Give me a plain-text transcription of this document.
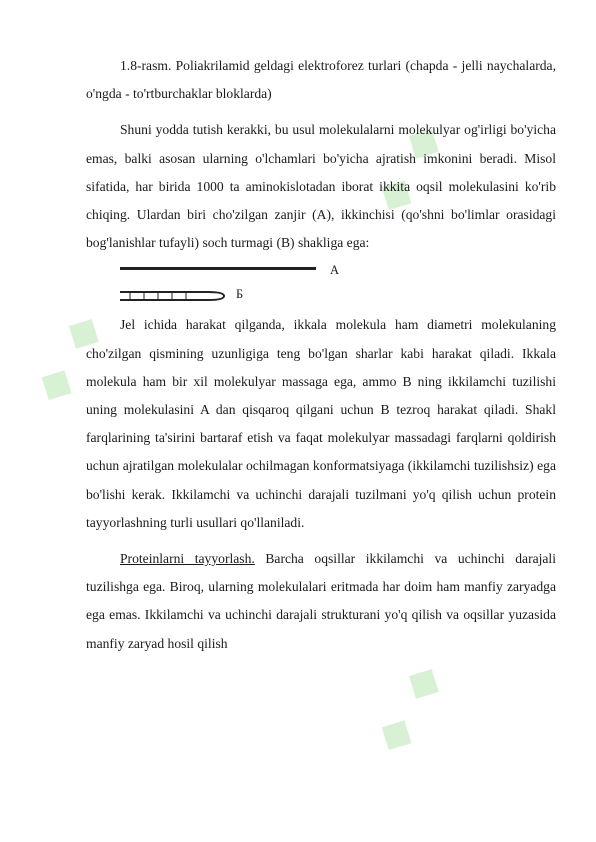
◆ ◆
◆ ◆
◆ ◆

1.8-rasm. Poliakrilamid geldagi elektroforez turlari (chapda - jelli naychalarda, o'ngda - to'rtburchaklar bloklarda)

Shuni yodda tutish kerakki, bu usul molekulalarni molekulyar og'irligi bo'yicha emas, balki asosan ularning o'lchamlari bo'yicha ajratish imkonini beradi. Misol sifatida, har birida 1000 ta aminokislotadan iborat ikkita oqsil molekulasini ko'rib chiqing. Ulardan biri cho'zilgan zanjir (A), ikkinchisi (qo'shni bo'limlar orasidagi bog'lanishlar tufayli) soch turmagi (B) shakliga ega:

A
Б

Jel ichida harakat qilganda, ikkala molekula ham diametri molekulaning cho'zilgan qismining uzunligiga teng bo'lgan sharlar kabi harakat qiladi. Ikkala molekula ham bir xil molekulyar massaga ega, ammo B ning ikkilamchi tuzilishi uning molekulasini A dan qisqaroq qilgani uchun B tezroq harakat qiladi. Shakl farqlarining ta'sirini bartaraf etish va faqat molekulyar massadagi farqlarni qoldirish uchun ajratilgan molekulalar ochilmagan konformatsiyaga (ikkilamchi tuzilishsiz) ega bo'lishi kerak. Ikkilamchi va uchinchi darajali tuzilmani yo'q qilish uchun protein tayyorlashning turli usullari qo'llaniladi.

Proteinlarni tayyorlash. Barcha oqsillar ikkilamchi va uchinchi darajali tuzilishga ega. Biroq, ularning molekulalari eritmada har doim ham manfiy zaryadga ega emas. Ikkilamchi va uchinchi darajali strukturani yo'q qilish va oqsillar yuzasida manfiy zaryad hosil qilish
